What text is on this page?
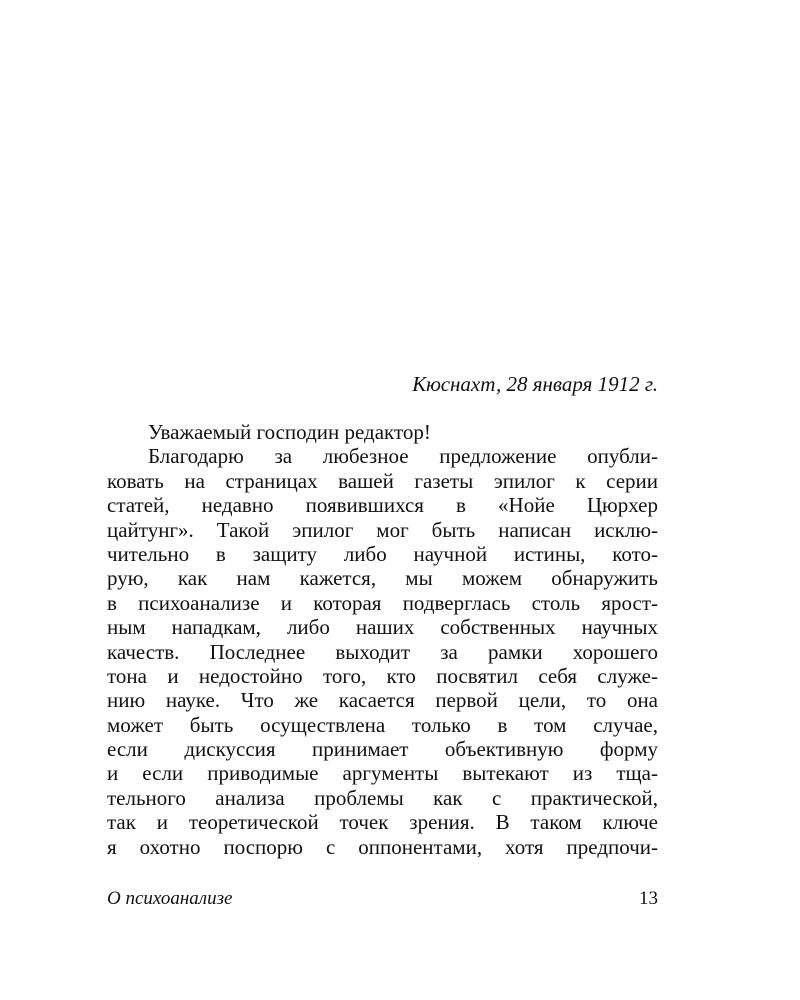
Кюснахт, 28 января 1912 г.
Уважаемый господин редактор!
Благодарю за любезное предложение опубли-
ковать на страницах вашей газеты эпилог к серии
статей, недавно появившихся в «Нойе Цюрхер
цайтунг». Такой эпилог мог быть написан исклю-
чительно в защиту либо научной истины, кото-
рую, как нам кажется, мы можем обнаружить
в психоанализе и которая подверглась столь ярост-
ным нападкам, либо наших собственных научных
качеств. Последнее выходит за рамки хорошего
тона и недостойно того, кто посвятил себя служе-
нию науке. Что же касается первой цели, то она
может быть осуществлена только в том случае,
если дискуссия принимает объективную форму
и если приводимые аргументы вытекают из тща-
тельного анализа проблемы как с практической,
так и теоретической точек зрения. В таком ключе
я охотно поспорю с оппонентами, хотя предпочи-
О психоанализе	13
